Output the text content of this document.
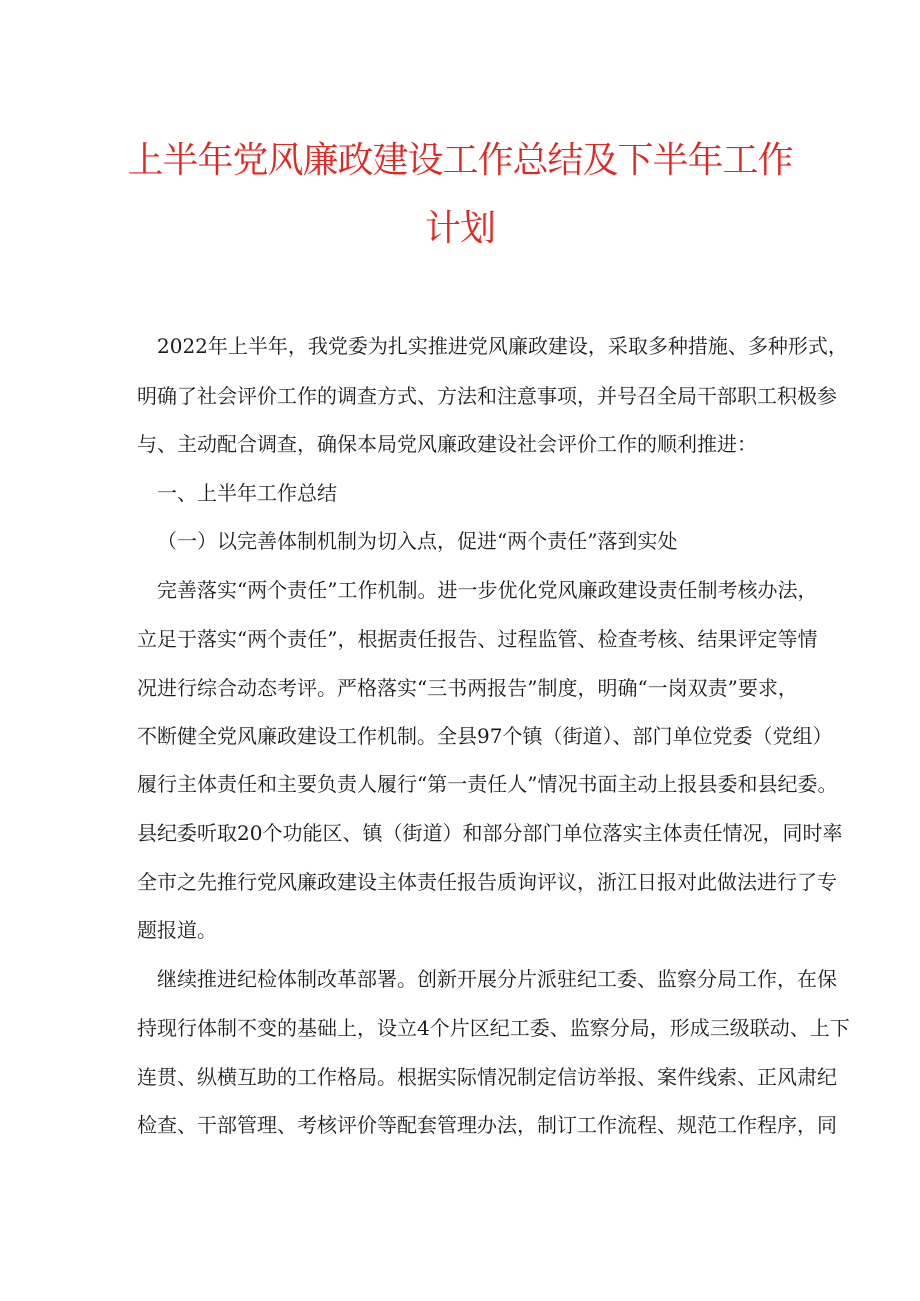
上半年党风廉政建设工作总结及下半年工作
计划
2022年上半年，我党委为扎实推进党风廉政建设，采取多种措施、多种形式，
明确了社会评价工作的调查方式、方法和注意事项，并号召全局干部职工积极参
与、主动配合调查，确保本局党风廉政建设社会评价工作的顺利推进：
一、上半年工作总结
（一）以完善体制机制为切入点，促进“两个责任”落到实处
完善落实“两个责任”工作机制。进一步优化党风廉政建设责任制考核办法，
立足于落实“两个责任”，根据责任报告、过程监管、检查考核、结果评定等情
况进行综合动态考评。严格落实“三书两报告”制度，明确“一岗双责”要求，
不断健全党风廉政建设工作机制。全县97个镇（街道）、部门单位党委（党组）
履行主体责任和主要负责人履行“第一责任人”情况书面主动上报县委和县纪委。
县纪委听取20个功能区、镇（街道）和部分部门单位落实主体责任情况，同时率
全市之先推行党风廉政建设主体责任报告质询评议，浙江日报对此做法进行了专
题报道。
继续推进纪检体制改革部署。创新开展分片派驻纪工委、监察分局工作，在保
持现行体制不变的基础上，设立4个片区纪工委、监察分局，形成三级联动、上下
连贯、纵横互助的工作格局。根据实际情况制定信访举报、案件线索、正风肃纪
检查、干部管理、考核评价等配套管理办法，制订工作流程、规范工作程序，同
